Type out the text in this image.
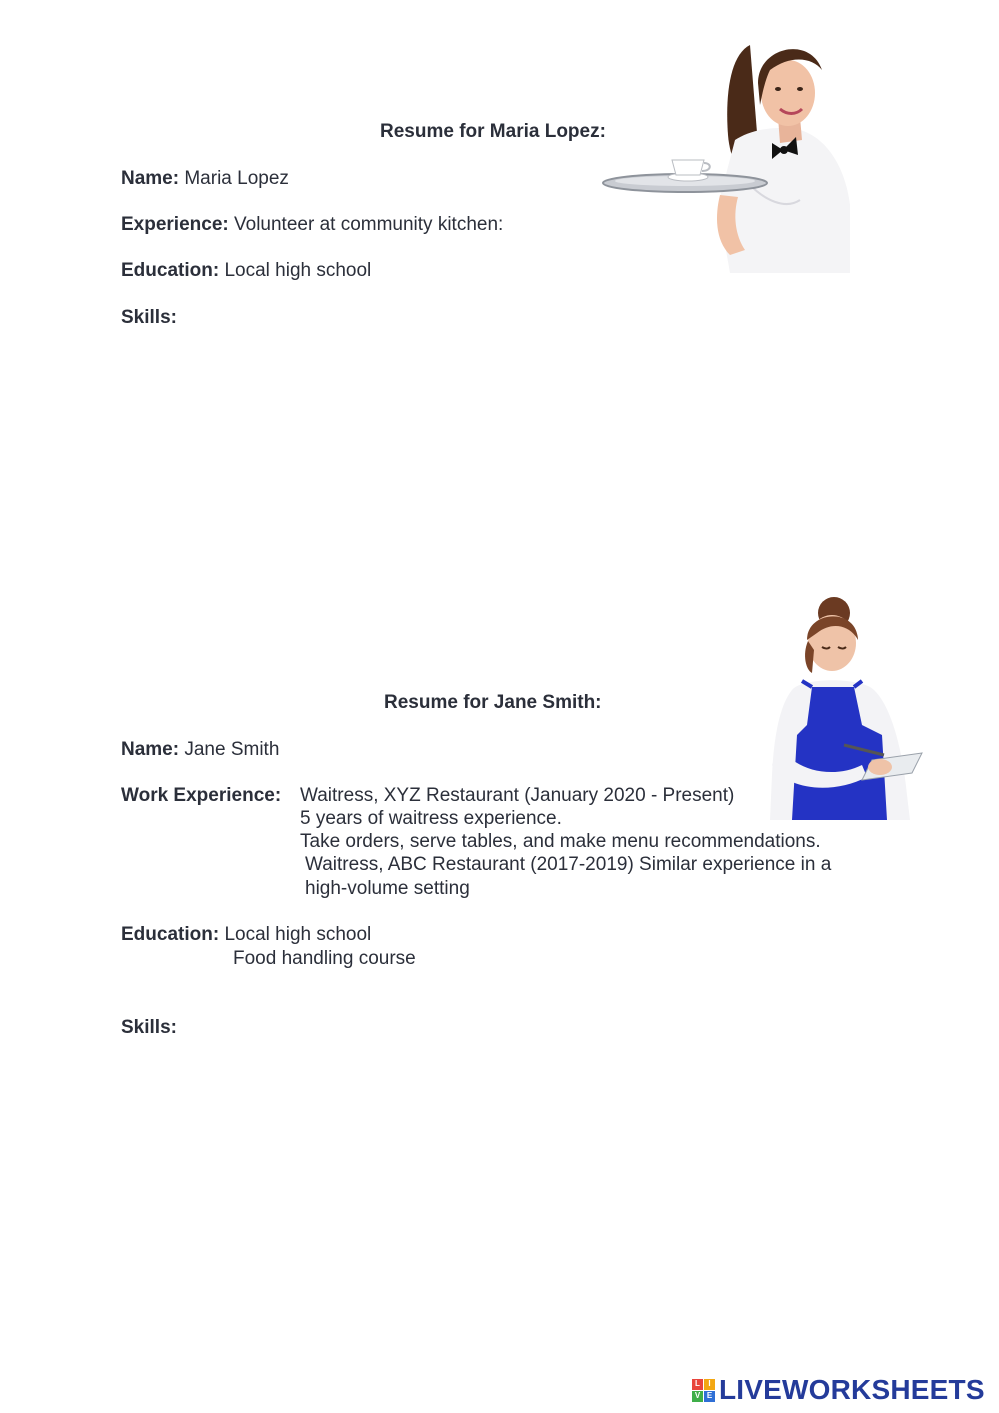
Resume for Maria Lopez:
Name: Maria Lopez
Experience: Volunteer at community kitchen:
Education: Local high school
Skills:
Resume for Jane Smith:
Name: Jane Smith
Work Experience: Waitress, XYZ Restaurant (January 2020 - Present)
5 years of waitress experience.
Take orders, serve tables, and make menu recommendations.
Waitress, ABC Restaurant (2017-2019) Similar experience in a
high-volume setting
Education: Local high school
Food handling course
Skills:
L	I
V E LIVEWORKSHEETS
